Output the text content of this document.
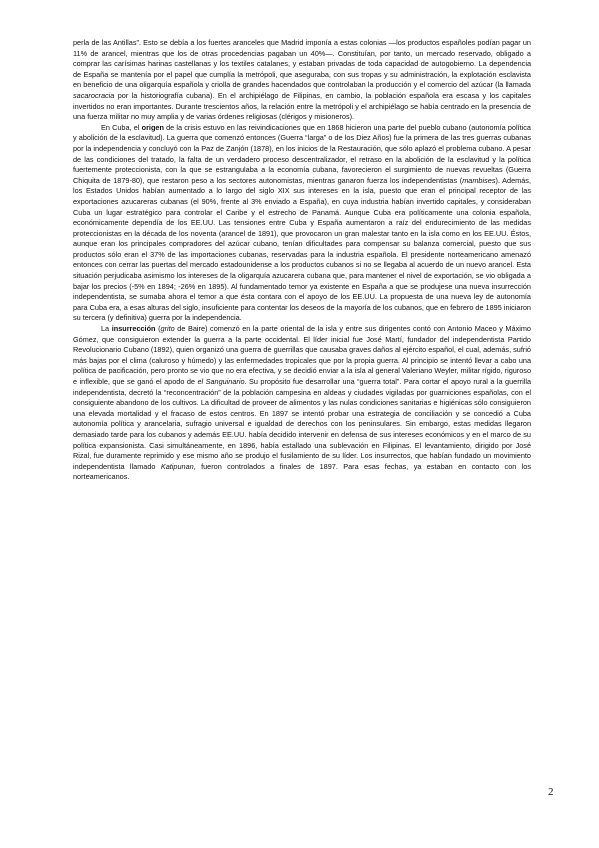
perla de las Antillas”. Esto se debía a los fuertes aranceles que Madrid imponía a estas colonias —los productos españoles podían pagar un 11% de arancel, mientras que los de otras procedencias pagaban un 40%—. Constituían, por tanto, un mercado reservado, obligado a comprar las carísimas harinas castellanas y los textiles catalanes, y estaban privadas de toda capacidad de autogobierno. La dependencia de España se mantenía por el papel que cumplía la metrópoli, que aseguraba, con sus tropas y su administración, la explotación esclavista en beneficio de una oligarquía española y criolla de grandes hacendados que controlaban la producción y el comercio del azúcar (la llamada sacarocracia por la historiografía cubana). En el archipiélago de Filipinas, en cambio, la población española era escasa y los capitales invertidos no eran importantes. Durante trescientos años, la relación entre la metrópoli y el archipiélago se había centrado en la presencia de una fuerza militar no muy amplia y de varias órdenes religiosas (clérigos y misioneros).

En Cuba, el origen de la crisis estuvo en las reivindicaciones que en 1868 hicieron una parte del pueblo cubano (autonomía política y abolición de la esclavitud). La guerra que comenzó entonces (Guerra “larga” o de los Diez Años) fue la primera de las tres guerras cubanas por la independencia y concluyó con la Paz de Zanjón (1878), en los inicios de la Restauración, que sólo aplazó el problema cubano. A pesar de las condiciones del tratado, la falta de un verdadero proceso descentralizador, el retraso en la abolición de la esclavitud y la política fuertemente proteccionista, con la que se estrangulaba a la economía cubana, favorecieron el surgimiento de nuevas revueltas (Guerra Chiquita de 1879-80), que restaron peso a los sectores autonomistas, mientras ganaron fuerza los independentistas (mambises). Además, los Estados Unidos habían aumentado a lo largo del siglo XIX sus intereses en la isla, puesto que eran el principal receptor de las exportaciones azucareras cubanas (el 90%, frente al 3% enviado a España), en cuya industria habían invertido capitales, y consideraban Cuba un lugar estratégico para controlar el Caribe y el estrecho de Panamá. Aunque Cuba era políticamente una colonia española, económicamente dependía de los EE.UU. Las tensiones entre Cuba y España aumentaron a raíz del endurecimiento de las medidas proteccionistas en la década de los noventa (arancel de 1891), que provocaron un gran malestar tanto en la isla como en los EE.UU. Éstos, aunque eran los principales compradores del azúcar cubano, tenían dificultades para compensar su balanza comercial, puesto que sus productos sólo eran el 37% de las importaciones cubanas, reservadas para la industria española. El presidente norteamericano amenazó entonces con cerrar las puertas del mercado estadounidense a los productos cubanos si no se llegaba al acuerdo de un nuevo arancel. Esta situación perjudicaba asimismo los intereses de la oligarquía azucarera cubana que, para mantener el nivel de exportación, se vio obligada a bajar los precios (-5% en 1894; -26% en 1895). Al fundamentado temor ya existente en España a que se produjese una nueva insurrección independentista, se sumaba ahora el temor a que ésta contara con el apoyo de los EE.UU. La propuesta de una nueva ley de autonomía para Cuba era, a esas alturas del siglo, insuficiente para contentar los deseos de la mayoría de los cubanos, que en febrero de 1895 iniciaron su tercera (y definitiva) guerra por la independencia.

La insurrección (grito de Baire) comenzó en la parte oriental de la isla y entre sus dirigentes contó con Antonio Maceo y Máximo Gómez, que consiguieron extender la guerra a la parte occidental. El líder inicial fue José Martí, fundador del independentista Partido Revolucionario Cubano (1892), quien organizó una guerra de guerrillas que causaba graves daños al ejército español, el cual, además, sufrió más bajas por el clima (caluroso y húmedo) y las enfermedades tropicales que por la propia guerra. Al principio se intentó llevar a cabo una política de pacificación, pero pronto se vio que no era efectiva, y se decidió enviar a la isla al general Valeriano Weyler, militar rígido, riguroso e inflexible, que se ganó el apodo de el Sanguinario. Su propósito fue desarrollar una “guerra total”. Para cortar el apoyo rural a la guerrilla independentista, decretó la “reconcentración” de la población campesina en aldeas y ciudades vigiladas por guarniciones españolas, con el consiguiente abandono de los cultivos. La dificultad de proveer de alimentos y las nulas condiciones sanitarias e higiénicas sólo consiguieron una elevada mortalidad y el fracaso de estos centros. En 1897 se intentó probar una estrategia de conciliación y se concedió a Cuba autonomía política y arancelaria, sufragio universal e igualdad de derechos con los peninsulares. Sin embargo, estas medidas llegaron demasiado tarde para los cubanos y además EE.UU. había decidido intervenir en defensa de sus intereses económicos y en el marco de su política expansionista. Casi simultáneamente, en 1896, había estallado una sublevación en Filipinas. El levantamiento, dirigido por José Rizal, fue duramente reprimido y ese mismo año se produjo el fusilamiento de su líder. Los insurrectos, que habían fundado un movimiento independentista llamado Katipunan, fueron controlados a finales de 1897. Para esas fechas, ya estaban en contacto con los norteamericanos.

2
